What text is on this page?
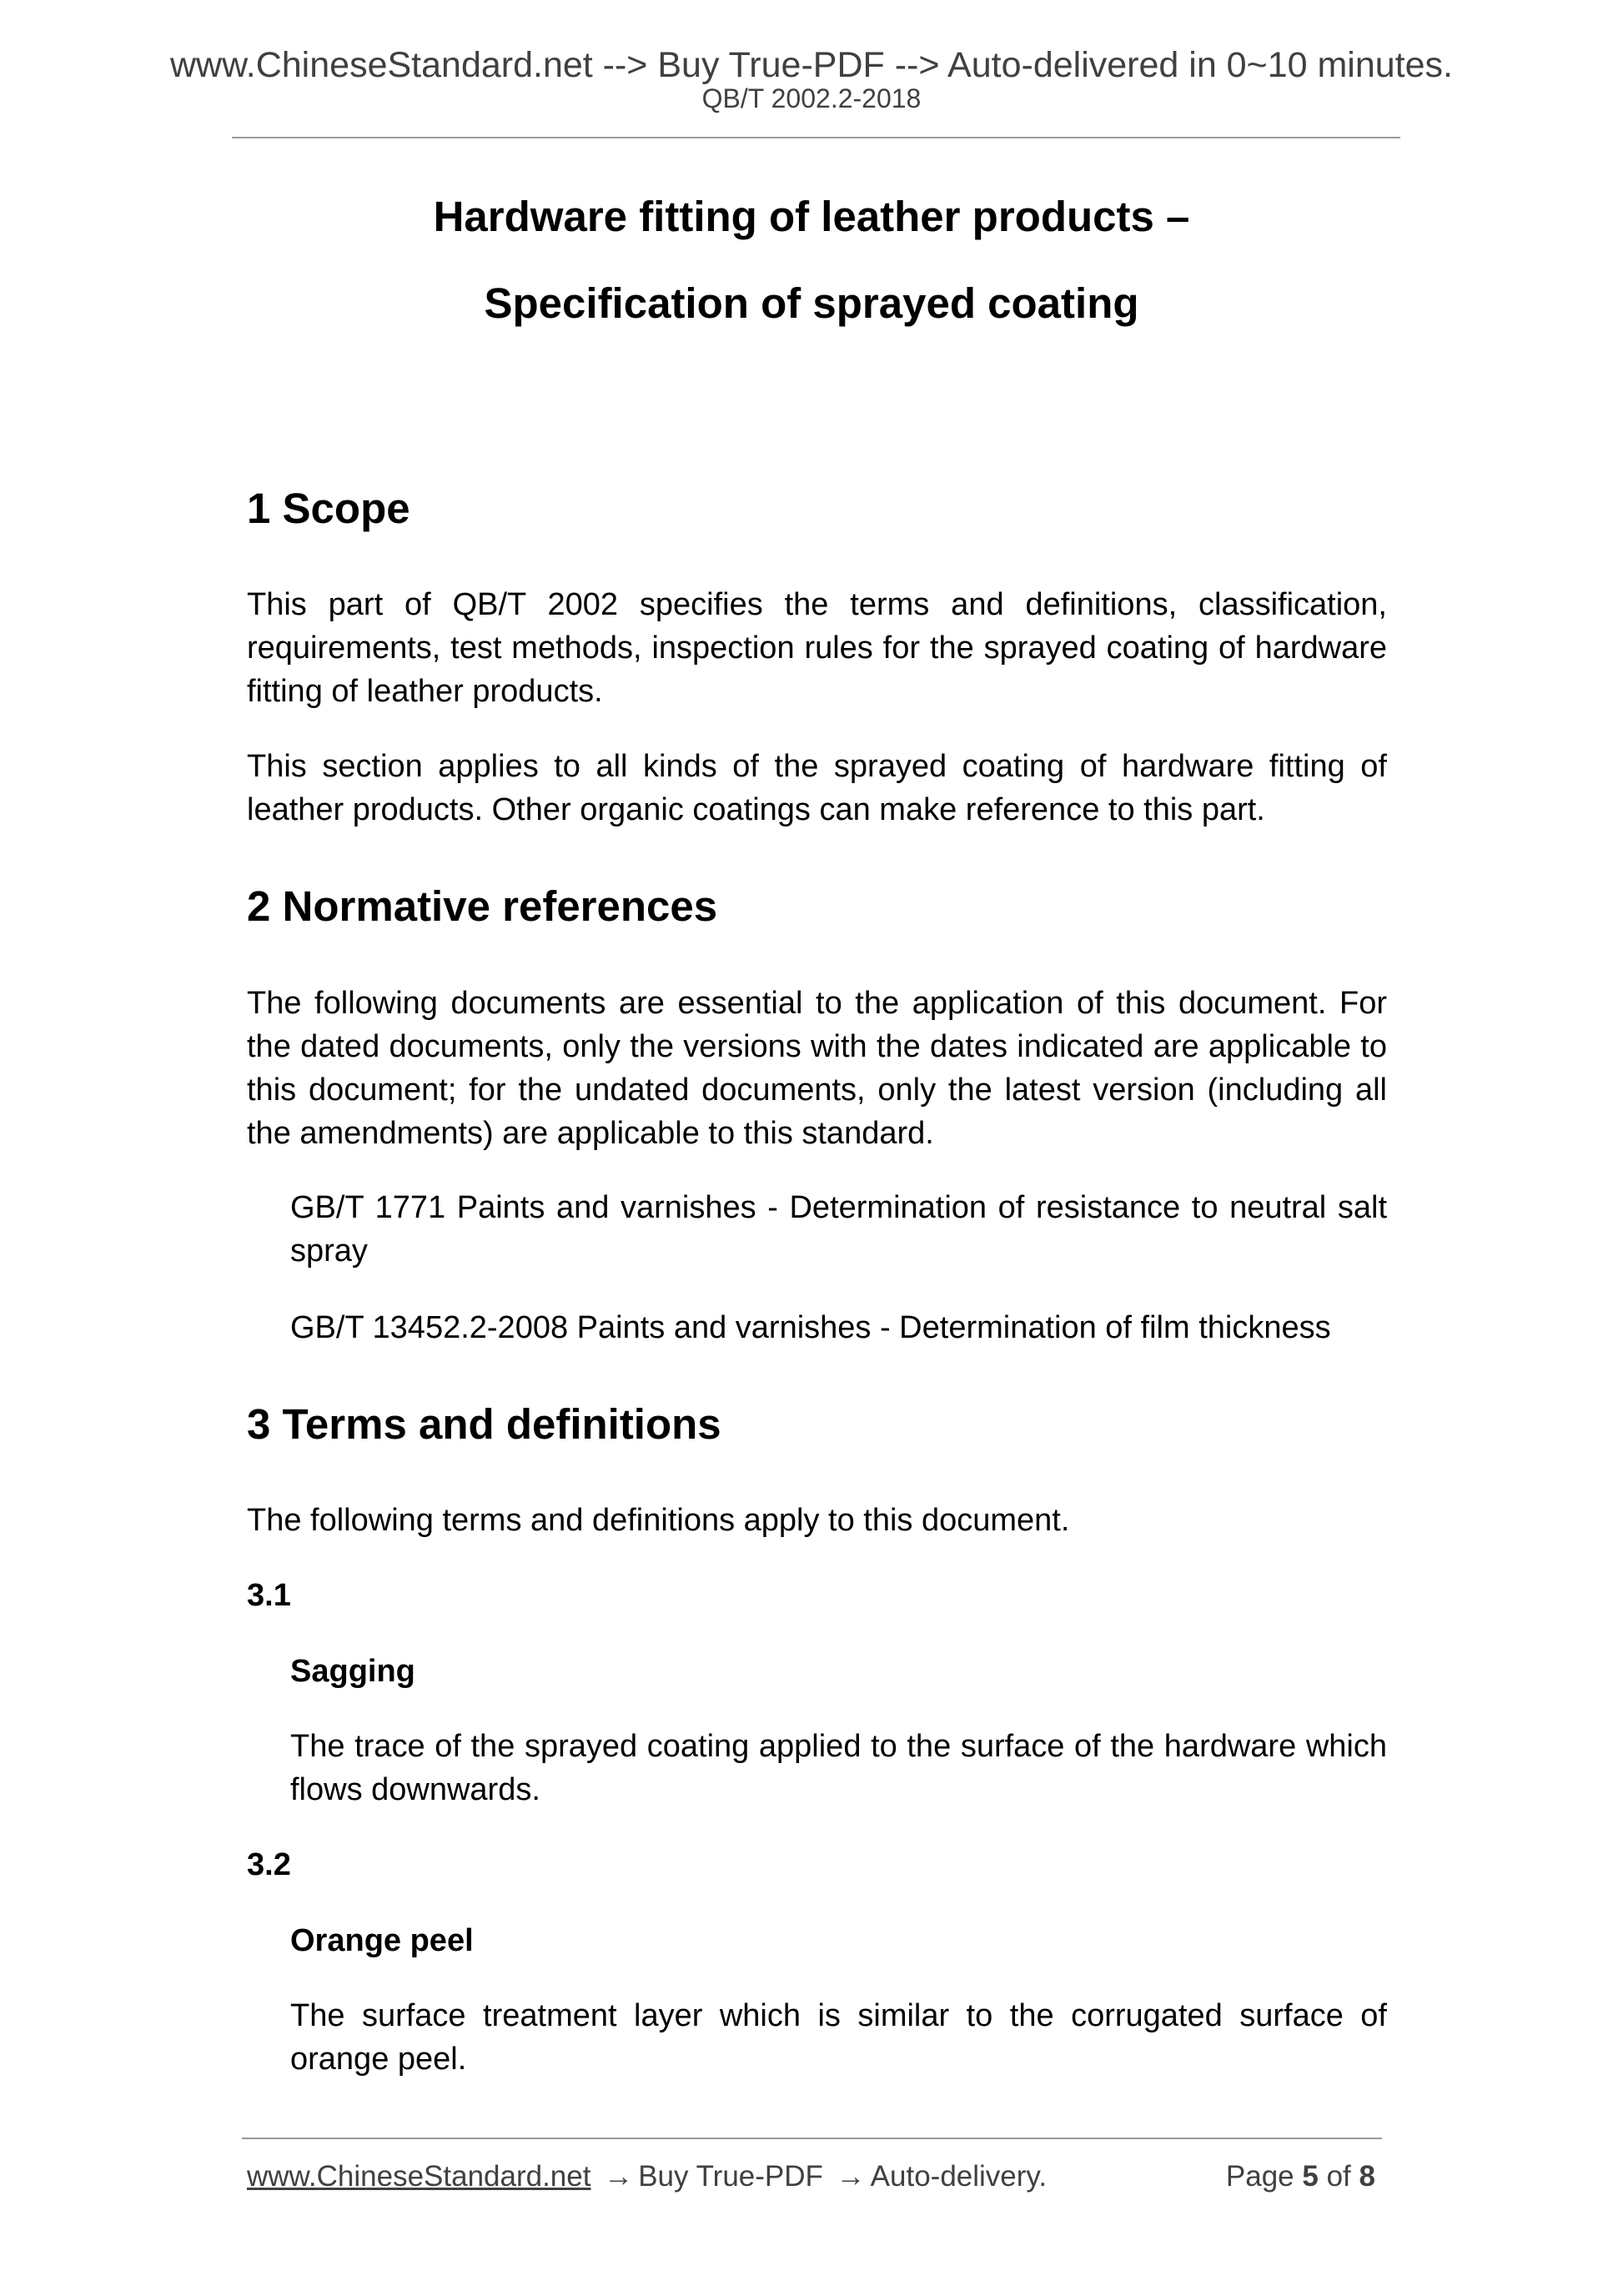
www.ChineseStandard.net --> Buy True-PDF --> Auto-delivered in 0~10 minutes.
QB/T 2002.2-2018
Hardware fitting of leather products –
Specification of sprayed coating
1 Scope
This part of QB/T 2002 specifies the terms and definitions, classification, requirements, test methods, inspection rules for the sprayed coating of hardware fitting of leather products.
This section applies to all kinds of the sprayed coating of hardware fitting of leather products. Other organic coatings can make reference to this part.
2 Normative references
The following documents are essential to the application of this document. For the dated documents, only the versions with the dates indicated are applicable to this document; for the undated documents, only the latest version (including all the amendments) are applicable to this standard.
GB/T 1771 Paints and varnishes - Determination of resistance to neutral salt spray
GB/T 13452.2-2008 Paints and varnishes - Determination of film thickness
3 Terms and definitions
The following terms and definitions apply to this document.
3.1
Sagging
The trace of the sprayed coating applied to the surface of the hardware which flows downwards.
3.2
Orange peel
The surface treatment layer which is similar to the corrugated surface of orange peel.
www.ChineseStandard.net → Buy True-PDF → Auto-delivery.	Page 5 of 8
